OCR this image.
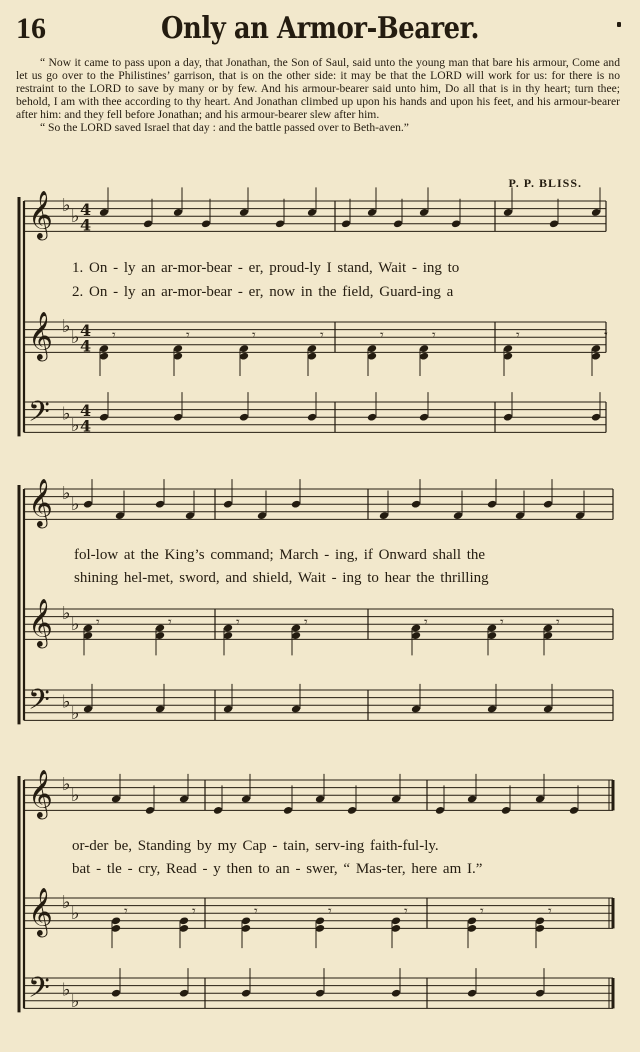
16	Only an Armor-Bearer.

“ Now it came to pass upon a day, that Jonathan, the Son of Saul, said unto the young man that bare his armour, Come and let us go over to the Philistines’ garrison, that is on the other side: it may be that the LORD will work for us: for there is no restraint to the LORD to save by many or by few. And his armour-bearer said unto him, Do all that is in thy heart; turn thee; behold, I am with thee according to thy heart. And Jonathan climbed up upon his hands and upon his feet, and his armour-bearer after him: and they fell before Jonathan; and his armour-bearer slew after him.

“ So the LORD saved Israel that day : and the battle passed over to Beth-aven.”

P. P. BLISS.
𝄞 ♭
♭ 4
4
𝄞 ♭
♭ 4
4
𝄾	𝄾	𝄾	𝄾	𝄾	𝄾	𝄾	𝄾
𝄢 ♭
♭
4
4
𝄞 ♭
♭
𝄞 ♭
♭ 𝄾	𝄾	𝄾	𝄾	𝄾	𝄾	𝄾
𝄢 ♭
♭
𝄞 ♭
♭
𝄞 ♭
♭	𝄾	𝄾	𝄾	𝄾	𝄾	𝄾	𝄾
𝄢 ♭
♭
1. On - ly an ar-mor-bear - er, proud-ly I stand, Wait - ing to
2. On - ly an ar-mor-bear - er, now in the field, Guard-ing a
fol-low at the King’s command; March - ing, if Onward shall the
shining hel-met, sword, and shield, Wait - ing to hear the thrilling
or-der be, Standing by my Cap - tain, serv-ing faith-ful-ly.
bat - tle - cry, Read - y then to an - swer, “ Mas-ter, here am I.”
